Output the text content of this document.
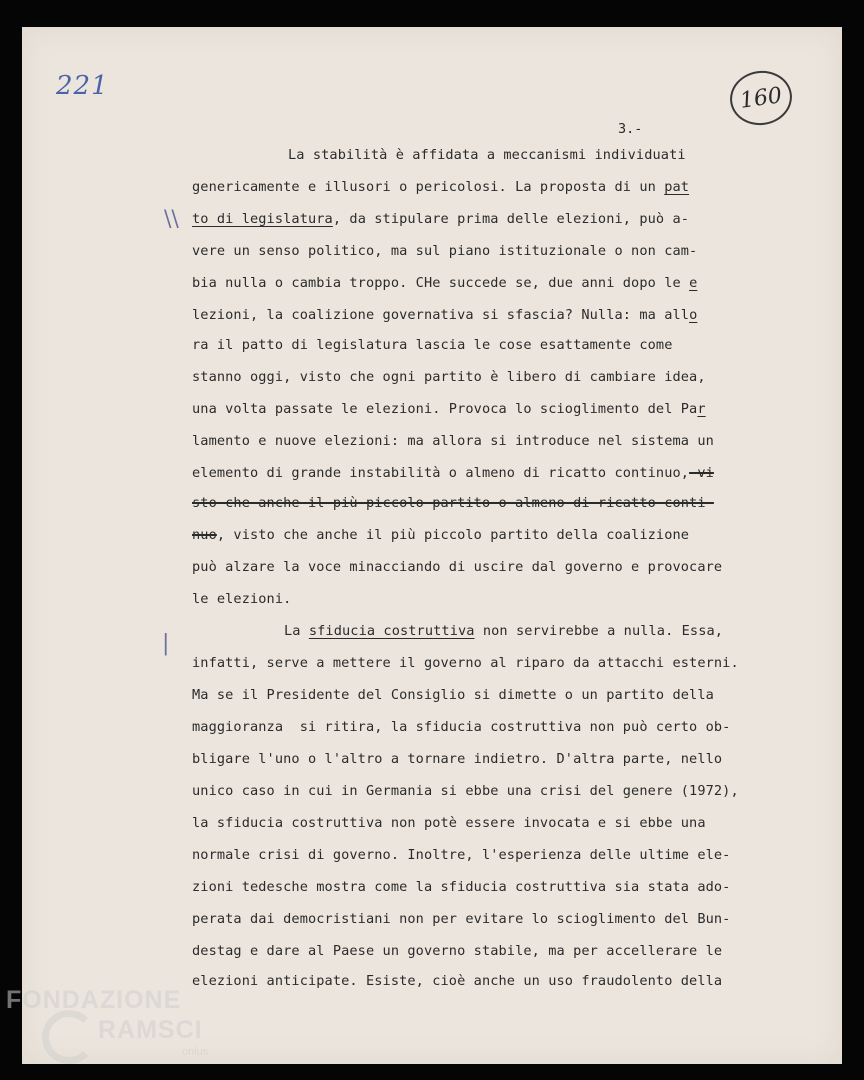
221	160
3.-
\\
|
La stabilità è affidata a meccanismi individuati
genericamente e illusori o pericolosi. La proposta di un pat
to di legislatura, da stipulare prima delle elezioni, può a-
vere un senso politico, ma sul piano istituzionale o non cam-
bia nulla o cambia troppo. CHe succede se, due anni dopo le e
lezioni, la coalizione governativa si sfascia? Nulla: ma allo
ra il patto di legislatura lascia le cose esattamente come
stanno oggi, visto che ogni partito è libero di cambiare idea,
una volta passate le elezioni. Provoca lo scioglimento del Par
lamento e nuove elezioni: ma allora si introduce nel sistema un
elemento di grande instabilità o almeno di ricatto continuo, vi
sto che anche il più piccolo partito o almeno di ricatto conti-
nuo, visto che anche il più piccolo partito della coalizione
può alzare la voce minacciando di uscire dal governo e provocare
le elezioni.
La sfiducia costruttiva non servirebbe a nulla. Essa,
infatti, serve a mettere il governo al riparo da attacchi esterni.
Ma se il Presidente del Consiglio si dimette o un partito della
maggioranza  si ritira, la sfiducia costruttiva non può certo ob-
bligare l'uno o l'altro a tornare indietro. D'altra parte, nello
unico caso in cui in Germania si ebbe una crisi del genere (1972),
la sfiducia costruttiva non potè essere invocata e si ebbe una
normale crisi di governo. Inoltre, l'esperienza delle ultime ele-
zioni tedesche mostra come la sfiducia costruttiva sia stata ado-
perata dai democristiani non per evitare lo scioglimento del Bun-
destag e dare al Paese un governo stabile, ma per accellerare le
elezioni anticipate. Esiste, cioè anche un uso fraudolento della
FONDAZIONE
RAMSCI
onlus
